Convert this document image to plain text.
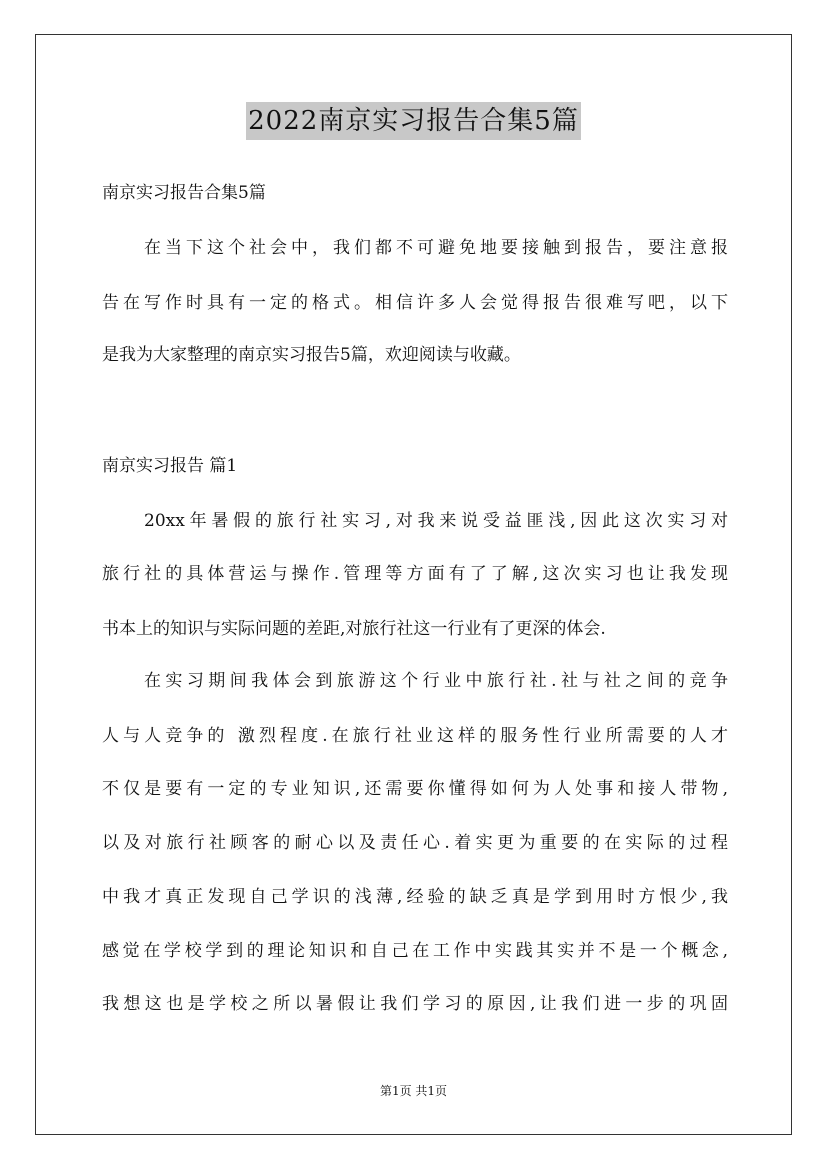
2022南京实习报告合集5篇
南京实习报告合集5篇
在当下这个社会中，我们都不可避免地要接触到报告，要注意报
告在写作时具有一定的格式。相信许多人会觉得报告很难写吧，以下
是我为大家整理的南京实习报告5篇，欢迎阅读与收藏。
南京实习报告 篇1
20xx年暑假的旅行社实习,对我来说受益匪浅,因此这次实习对
旅行社的具体营运与操作.管理等方面有了了解,这次实习也让我发现
书本上的知识与实际问题的差距,对旅行社这一行业有了更深的体会.
在实习期间我体会到旅游这个行业中旅行社.社与社之间的竞争
人与人竞争的 激烈程度.在旅行社业这样的服务性行业所需要的人才
不仅是要有一定的专业知识,还需要你懂得如何为人处事和接人带物,
以及对旅行社顾客的耐心以及责任心.着实更为重要的在实际的过程
中我才真正发现自己学识的浅薄,经验的缺乏真是学到用时方恨少,我
感觉在学校学到的理论知识和自己在工作中实践其实并不是一个概念,
我想这也是学校之所以暑假让我们学习的原因,让我们进一步的巩固
第1页 共1页
